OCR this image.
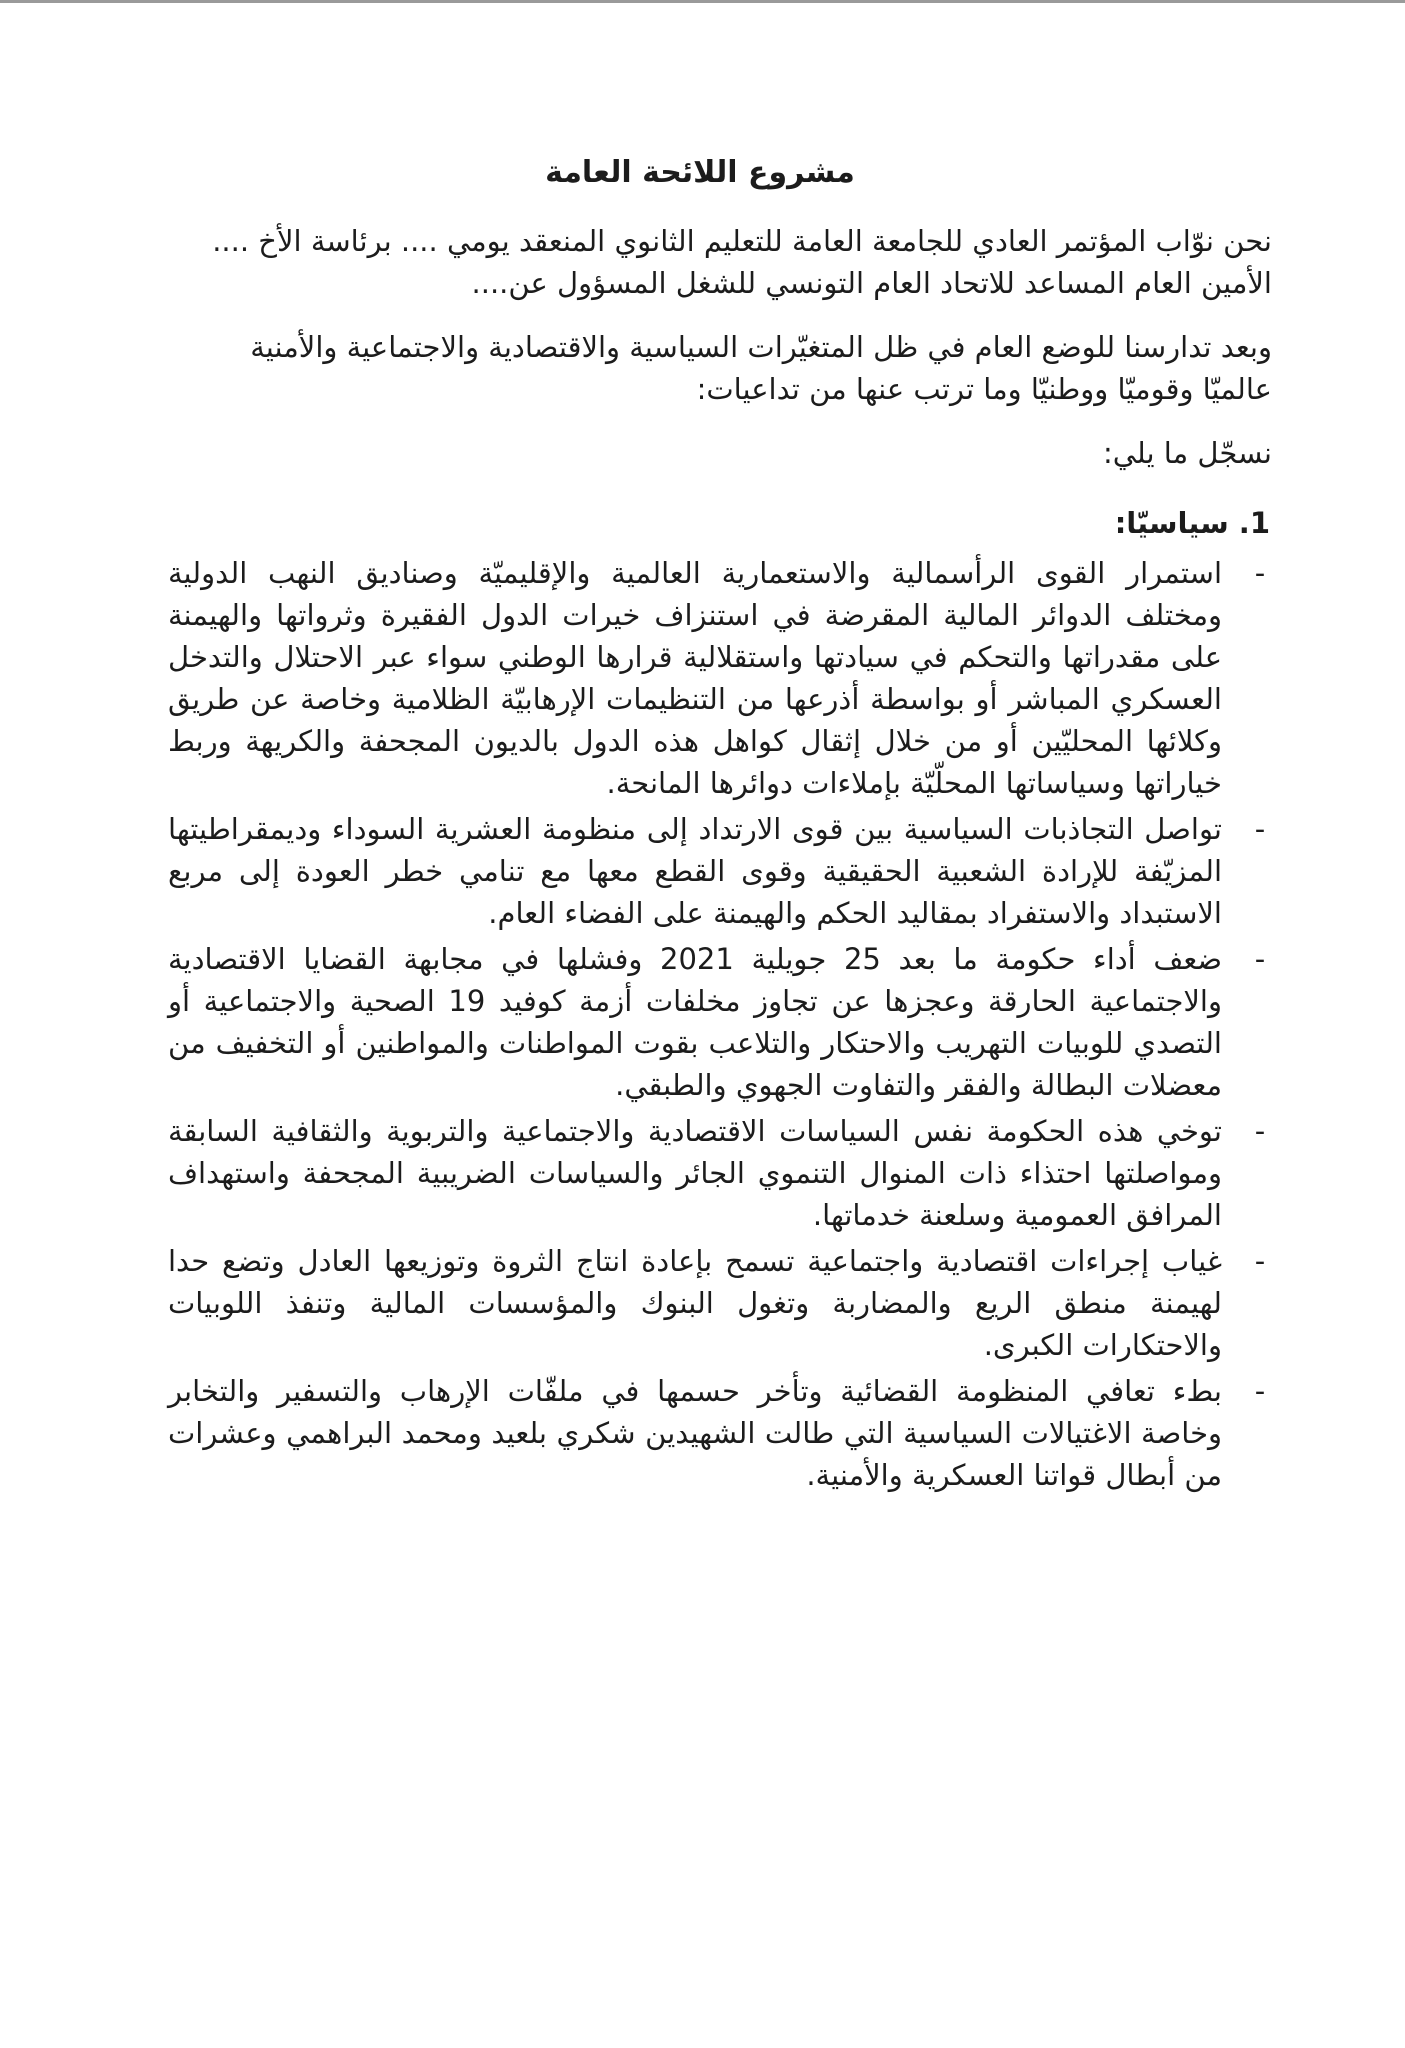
مشروع اللائحة العامة
نحن نوّاب المؤتمر العادي للجامعة العامة للتعليم الثانوي المنعقد يومي .... برئاسة الأخ ....
الأمين العام المساعد للاتحاد العام التونسي للشغل المسؤول عن....
وبعد تدارسنا للوضع العام في ظل المتغيّرات السياسية والاقتصادية والاجتماعية والأمنية
عالميّا وقوميّا ووطنيّا وما ترتب عنها من تداعيات:
نسجّل ما يلي:
1.سياسيّا:
-
استمرار القوى الرأسمالية والاستعمارية العالمية والإقليميّة وصناديق النهب الدولية ومختلف الدوائر المالية المقرضة في استنزاف خيرات الدول الفقيرة وثرواتها والهيمنة على مقدراتها والتحكم في سيادتها واستقلالية قرارها الوطني سواء عبر الاحتلال والتدخل العسكري المباشر أو بواسطة أذرعها من التنظيمات الإرهابيّة الظلامية وخاصة عن طريق وكلائها المحليّين أو من خلال إثقال كواهل هذه الدول بالديون المجحفة والكريهة وربط خياراتها وسياساتها المحلّيّة بإملاءات دوائرها المانحة.
-
تواصل التجاذبات السياسية بين قوى الارتداد إلى منظومة العشرية السوداء وديمقراطيتها المزيّفة للإرادة الشعبية الحقيقية وقوى القطع معها مع تنامي خطر العودة إلى مربع الاستبداد والاستفراد بمقاليد الحكم والهيمنة على الفضاء العام.
-
ضعف أداء حكومة ما بعد 25 جويلية 2021 وفشلها في مجابهة القضايا الاقتصادية والاجتماعية الحارقة وعجزها عن تجاوز مخلفات أزمة كوفيد 19 الصحية والاجتماعية أو التصدي للوبيات التهريب والاحتكار والتلاعب بقوت المواطنات والمواطنين أو التخفيف من معضلات البطالة والفقر والتفاوت الجهوي والطبقي.
-
توخي هذه الحكومة نفس السياسات الاقتصادية والاجتماعية والتربوية والثقافية السابقة ومواصلتها احتذاء ذات المنوال التنموي الجائر والسياسات الضريبية المجحفة واستهداف المرافق العمومية وسلعنة خدماتها.
-
غياب إجراءات اقتصادية واجتماعية تسمح بإعادة انتاج الثروة وتوزيعها العادل وتضع حدا لهيمنة منطق الريع والمضاربة وتغول البنوك والمؤسسات المالية وتنفذ اللوبيات والاحتكارات الكبرى.
-
بطء تعافي المنظومة القضائية وتأخر حسمها في ملفّات الإرهاب والتسفير والتخابر وخاصة الاغتيالات السياسية التي طالت الشهيدين شكري بلعيد ومحمد البراهمي وعشرات من أبطال قواتنا العسكرية والأمنية.
